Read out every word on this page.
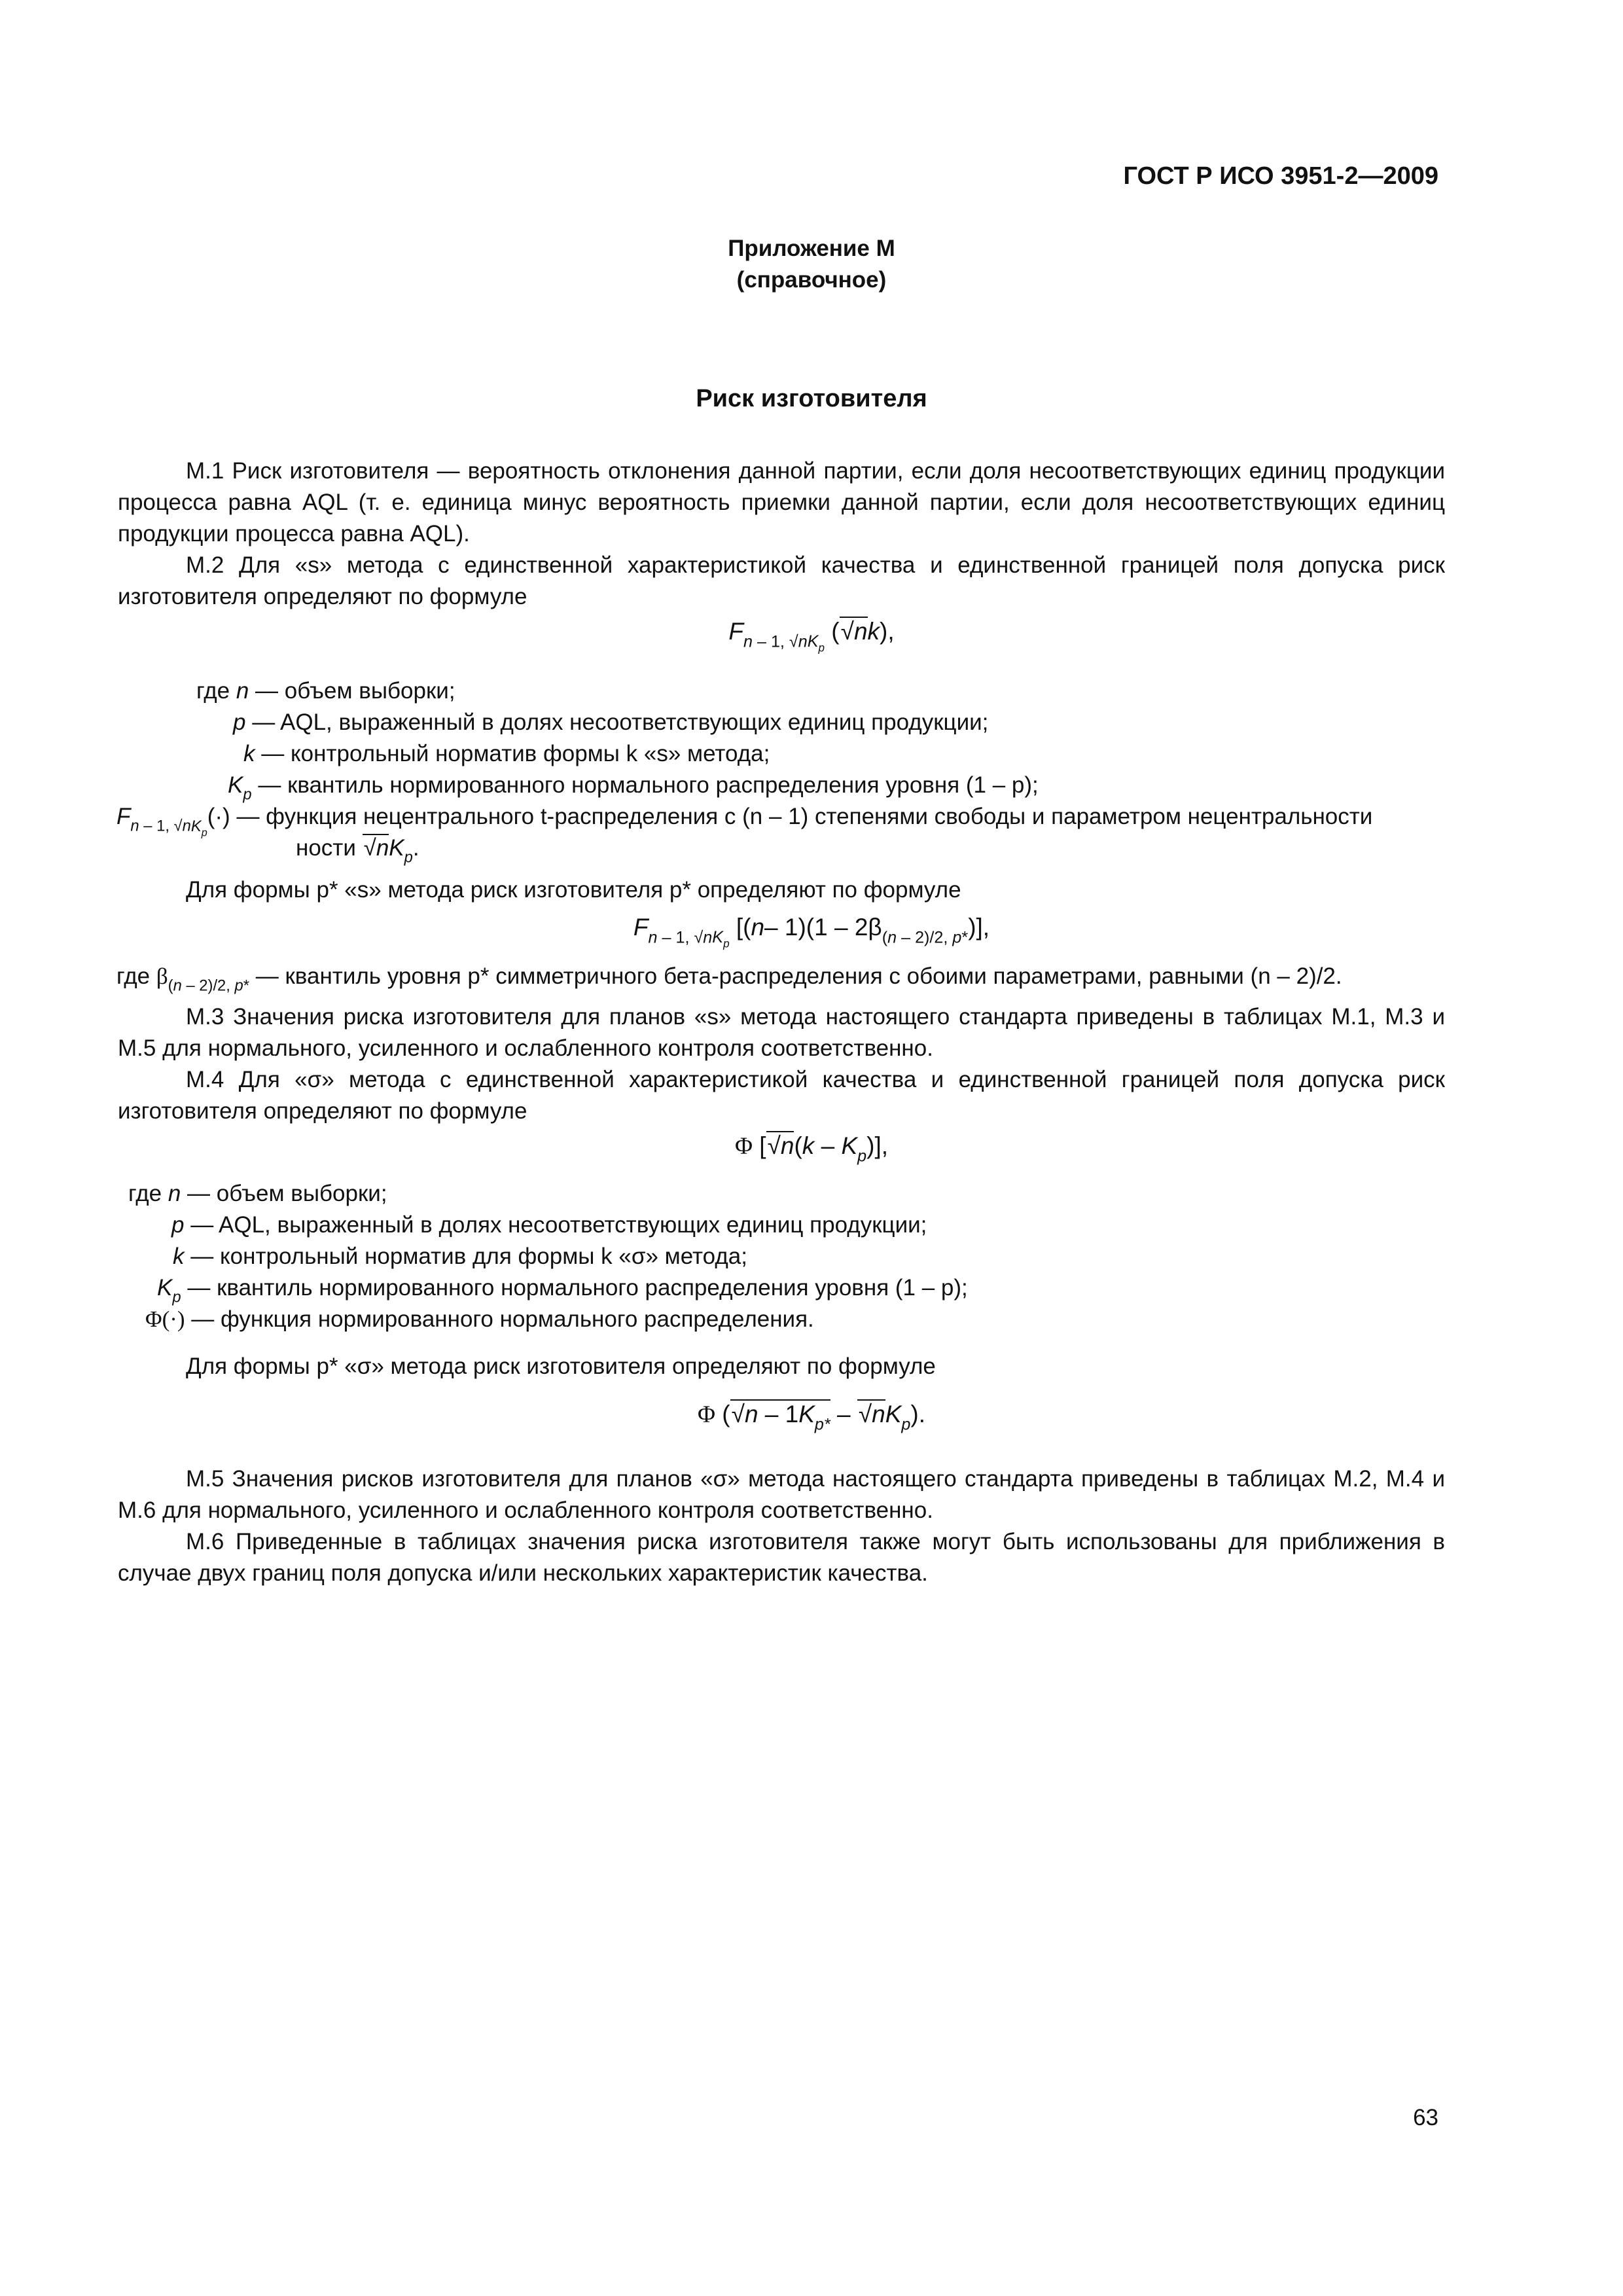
ГОСТ Р ИСО 3951-2—2009
Приложение М
(справочное)
Риск изготовителя
М.1 Риск изготовителя — вероятность отклонения данной партии, если доля несоответствующих единиц продукции процесса равна AQL (т. е. единица минус вероятность приемки данной партии, если доля несоответствующих единиц продукции процесса равна AQL).
М.2 Для «s» метода с единственной характеристикой качества и единственной границей поля допуска риск изготовителя определяют по формуле
$F_{n - 1, √nK_p}$ (√nk),
где n — объем выборки;
p — AQL, выраженный в долях несоответствующих единиц продукции;
k — контрольный норматив формы k «s» метода;
$K_p$ — квантиль нормированного нормального распределения уровня (1 – p);
$F_{n - 1, √nK_p}(\cdot)$ — функция нецентрального t-распределения с (n – 1) степенями свободы и параметром нецентральности
ности $√nK_p$.
Для формы p* «s» метода риск изготовителя p* определяют по формуле
$F_{n - 1, √nK_p}$ [(n– $1)(1 - 2\beta_{(n - 2)/2, p*})$],
где $\beta_{(n - 2)/2, p*}$ — квантиль уровня p* симметричного бета-распределения с обоими параметрами, равными (n – 2)/2.
М.3 Значения риска изготовителя для планов «s» метода настоящего стандарта приведены в таблицах М.1, М.3 и М.5 для нормального, усиленного и ослабленного контроля соответственно.
М.4 Для «σ» метода с единственной характеристикой качества и единственной границей поля допуска риск изготовителя определяют по формуле
Φ $[√n(k - K_p)]$,
где n — объем выборки;
p — AQL, выраженный в долях несоответствующих единиц продукции;
k — контрольный норматив для формы k «σ» метода;
$K_p$ — квантиль нормированного нормального распределения уровня (1 – p);
Φ(·) — функция нормированного нормального распределения.
Для формы p* «σ» метода риск изготовителя определяют по формуле
Φ $(√n - 1K_{p*} - √nK_p)$.
М.5 Значения рисков изготовителя для планов «σ» метода настоящего стандарта приведены в таблицах М.2, М.4 и М.6 для нормального, усиленного и ослабленного контроля соответственно.
М.6 Приведенные в таблицах значения риска изготовителя также могут быть использованы для приближения в случае двух границ поля допуска и/или нескольких характеристик качества.
63
